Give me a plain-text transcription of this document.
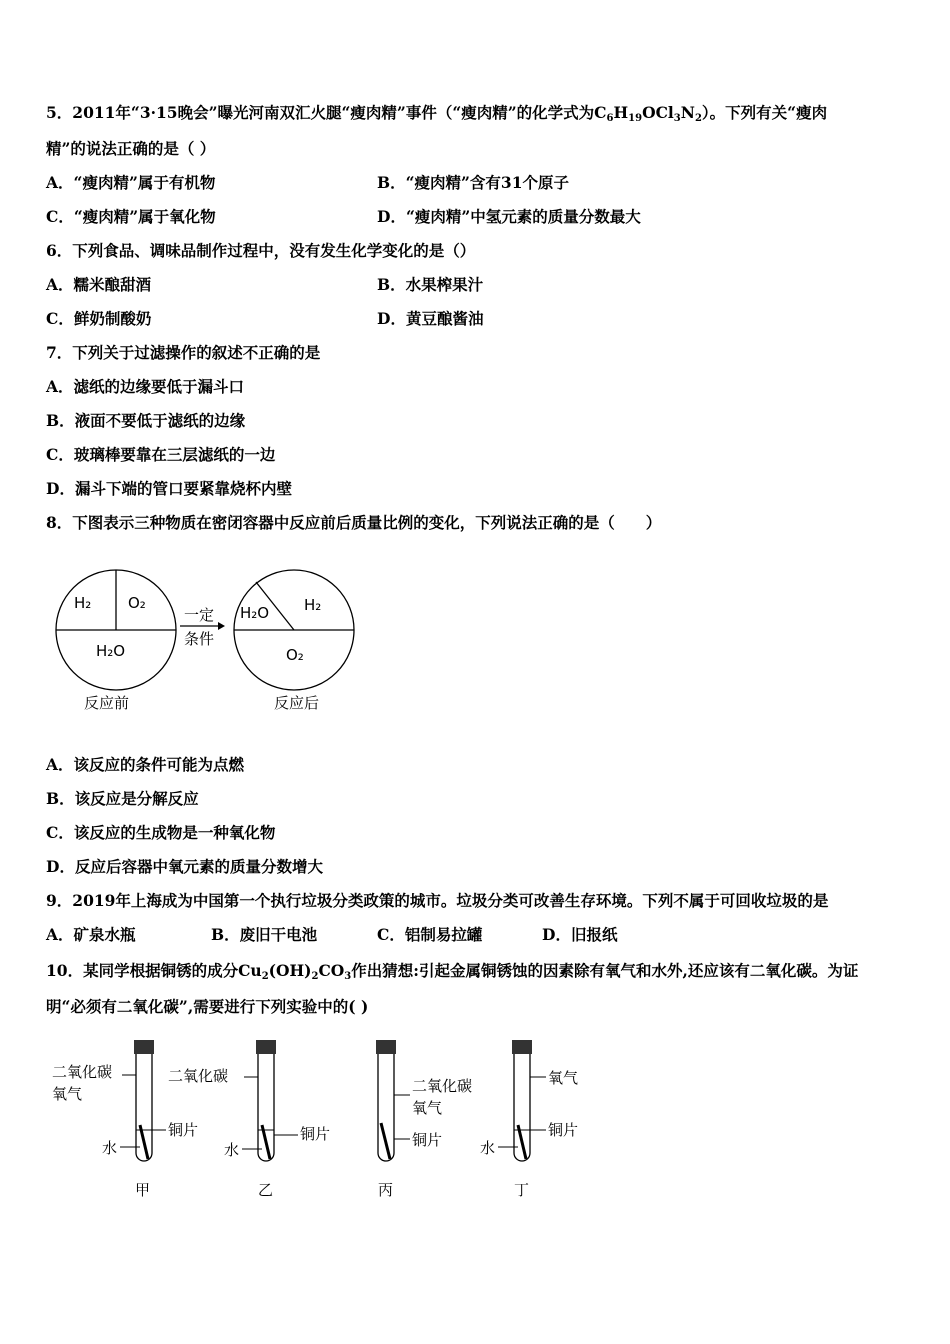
5．2011年“3·15晚会”曝光河南双汇火腿“瘦肉精”事件（“瘦肉精”的化学式为$C_6H_{19}OCl_3N_2$）。下列有关“瘦肉
精”的说法正确的是（ ）
A．“瘦肉精”属于有机物	B．“瘦肉精”含有31个原子
C．“瘦肉精”属于氧化物	D．“瘦肉精”中氢元素的质量分数最大
6．下列食品、调味品制作过程中，没有发生化学变化的是（）
A．糯米酿甜酒	B．水果榨果汁
C．鲜奶制酸奶	D．黄豆酿酱油
7．下列关于过滤操作的叙述不正确的是
A．滤纸的边缘要低于漏斗口
B．液面不要低于滤纸的边缘
C．玻璃棒要靠在三层滤纸的一边
D．漏斗下端的管口要紧靠烧杯内壁
8．下图表示三种物质在密闭容器中反应前后质量比例的变化，下列说法正确的是（　　）
H₂ O₂
H₂O
一定
条件
H₂O H₂
O₂
反应前	反应后
A．该反应的条件可能为点燃
B．该反应是分解反应
C．该反应的生成物是一种氧化物
D．反应后容器中氧元素的质量分数增大
9．2019年上海成为中国第一个执行垃圾分类政策的城市。垃圾分类可改善生存环境。下列不属于可回收垃圾的是
A．矿泉水瓶	B．废旧干电池	C．铝制易拉罐	D．旧报纸
10．某同学根据铜锈的成分$Cu_2(OH)_2CO_3$作出猜想:引起金属铜锈蚀的因素除有氧气和水外,还应该有二氧化碳。为证
明“必须有二氧化碳”,需要进行下列实验中的( )
二氧化碳
氧气
铜片
水
甲
二氧化碳
铜片
水
乙
二氧化碳
氧气
铜片
丙
氧气
铜片
水
丁
